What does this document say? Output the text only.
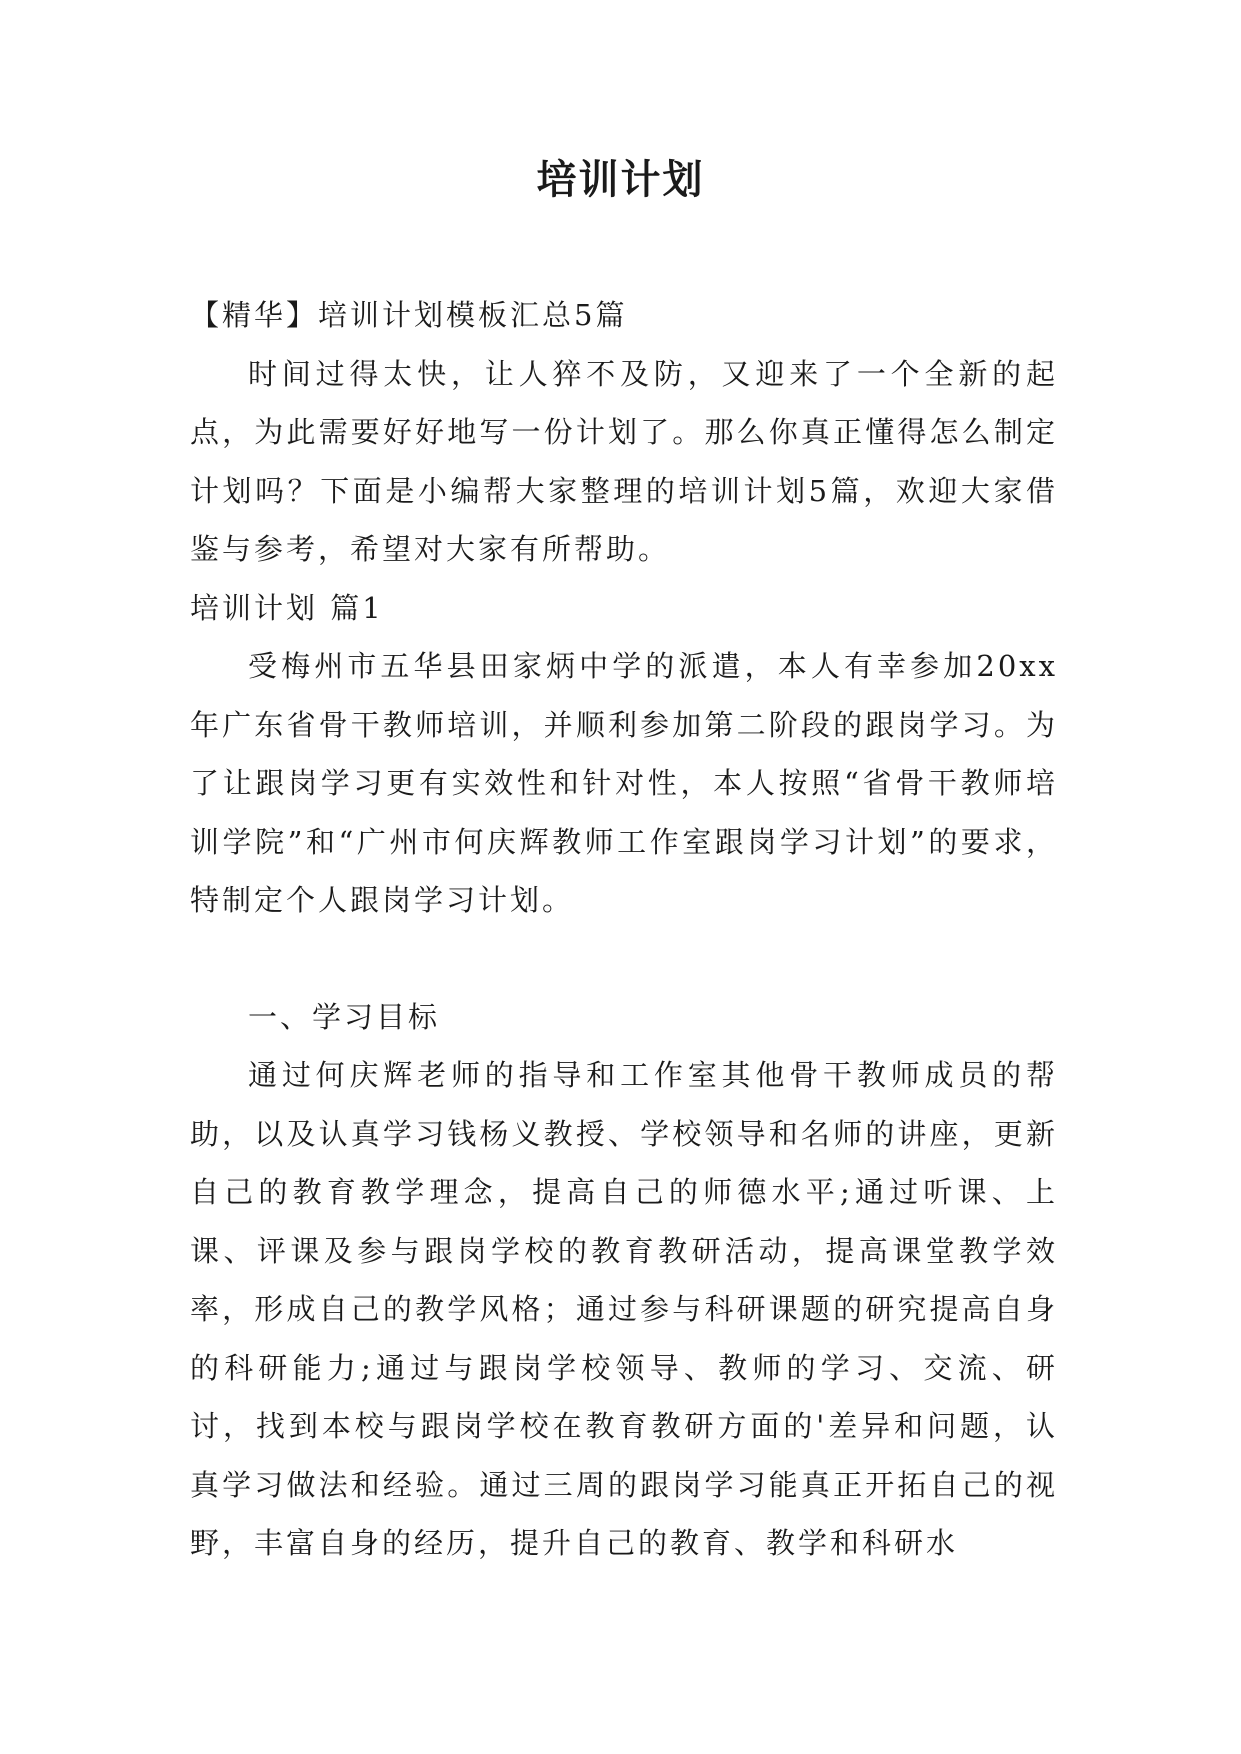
培训计划

【精华】培训计划模板汇总5篇

时间过得太快，让人猝不及防，又迎来了一个全新的起点，为此需要好好地写一份计划了。那么你真正懂得怎么制定计划吗？下面是小编帮大家整理的培训计划5篇，欢迎大家借鉴与参考，希望对大家有所帮助。

培训计划 篇1

受梅州市五华县田家炳中学的派遣，本人有幸参加20xx年广东省骨干教师培训，并顺利参加第二阶段的跟岗学习。为了让跟岗学习更有实效性和针对性，本人按照“省骨干教师培训学院”和“广州市何庆辉教师工作室跟岗学习计划”的要求，特制定个人跟岗学习计划。

一、学习目标

通过何庆辉老师的指导和工作室其他骨干教师成员的帮助，以及认真学习钱杨义教授、学校领导和名师的讲座，更新自己的教育教学理念，提高自己的师德水平;通过听课、上课、评课及参与跟岗学校的教育教研活动，提高课堂教学效率，形成自己的教学风格；通过参与科研课题的研究提高自身的科研能力;通过与跟岗学校领导、教师的学习、交流、研讨，找到本校与跟岗学校在教育教研方面的'差异和问题，认真学习做法和经验。通过三周的跟岗学习能真正开拓自己的视野，丰富自身的经历，提升自己的教育、教学和科研水
